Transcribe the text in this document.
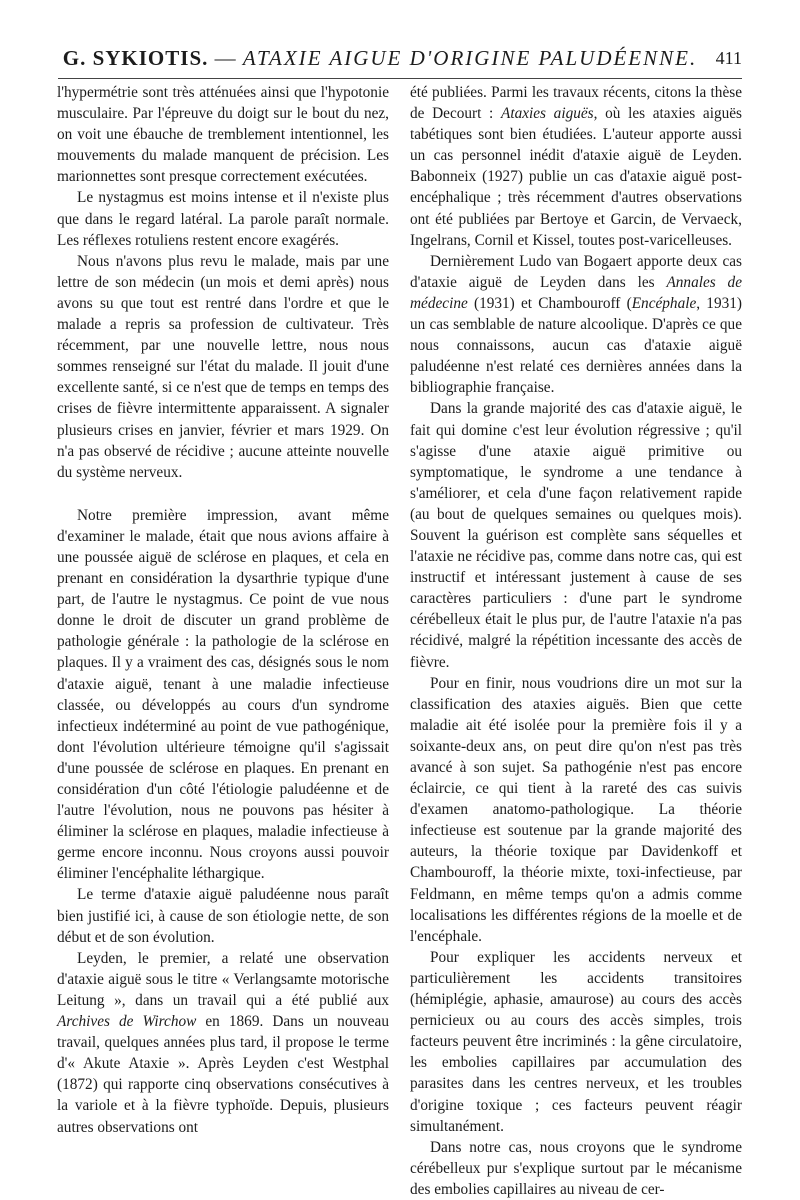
G. SYKIOTIS. — ATAXIE AIGUE D'ORIGINE PALUDÉENNE. 411

l'hypermétrie sont très atténuées ainsi que l'hypotonie musculaire. Par l'épreuve du doigt sur le bout du nez, on voit une ébauche de tremblement intentionnel, les mouvements du malade manquent de précision. Les marionnettes sont presque correctement exécutées.

Le nystagmus est moins intense et il n'existe plus que dans le regard latéral. La parole paraît normale. Les réflexes rotuliens restent encore exagérés.

Nous n'avons plus revu le malade, mais par une lettre de son médecin (un mois et demi après) nous avons su que tout est rentré dans l'ordre et que le malade a repris sa profession de cultivateur. Très récemment, par une nouvelle lettre, nous nous sommes renseigné sur l'état du malade. Il jouit d'une excellente santé, si ce n'est que de temps en temps des crises de fièvre intermittente apparaissent. A signaler plusieurs crises en janvier, février et mars 1929. On n'a pas observé de récidive ; aucune atteinte nouvelle du système nerveux.

Notre première impression, avant même d'examiner le malade, était que nous avions affaire à une poussée aiguë de sclérose en plaques, et cela en prenant en considération la dysarthrie typique d'une part, de l'autre le nystagmus. Ce point de vue nous donne le droit de discuter un grand problème de pathologie générale : la pathologie de la sclérose en plaques. Il y a vraiment des cas, désignés sous le nom d'ataxie aiguë, tenant à une maladie infectieuse classée, ou développés au cours d'un syndrome infectieux indéterminé au point de vue pathogénique, dont l'évolution ultérieure témoigne qu'il s'agissait d'une poussée de sclérose en plaques. En prenant en considération d'un côté l'étiologie paludéenne et de l'autre l'évolution, nous ne pouvons pas hésiter à éliminer la sclérose en plaques, maladie infectieuse à germe encore inconnu. Nous croyons aussi pouvoir éliminer l'encéphalite léthargique.

Le terme d'ataxie aiguë paludéenne nous paraît bien justifié ici, à cause de son étiologie nette, de son début et de son évolution.

Leyden, le premier, a relaté une observation d'ataxie aiguë sous le titre « Verlangsamte motorische Leitung », dans un travail qui a été publié aux Archives de Wirchow en 1869. Dans un nouveau travail, quelques années plus tard, il propose le terme d'« Akute Ataxie ». Après Leyden c'est Westphal (1872) qui rapporte cinq observations consécutives à la variole et à la fièvre typhoïde. Depuis, plusieurs autres observations ont

été publiées. Parmi les travaux récents, citons la thèse de Decourt : Ataxies aiguës, où les ataxies aiguës tabétiques sont bien étudiées. L'auteur apporte aussi un cas personnel inédit d'ataxie aiguë de Leyden. Babonneix (1927) publie un cas d'ataxie aiguë post-encéphalique ; très récemment d'autres observations ont été publiées par Bertoye et Garcin, de Vervaeck, Ingelrans, Cornil et Kissel, toutes post-varicelleuses.

Dernièrement Ludo van Bogaert apporte deux cas d'ataxie aiguë de Leyden dans les Annales de médecine (1931) et Chambouroff (Encéphale, 1931) un cas semblable de nature alcoolique. D'après ce que nous connaissons, aucun cas d'ataxie aiguë paludéenne n'est relaté ces dernières années dans la bibliographie française.

Dans la grande majorité des cas d'ataxie aiguë, le fait qui domine c'est leur évolution régressive ; qu'il s'agisse d'une ataxie aiguë primitive ou symptomatique, le syndrome a une tendance à s'améliorer, et cela d'une façon relativement rapide (au bout de quelques semaines ou quelques mois). Souvent la guérison est complète sans séquelles et l'ataxie ne récidive pas, comme dans notre cas, qui est instructif et intéressant justement à cause de ses caractères particuliers : d'une part le syndrome cérébelleux était le plus pur, de l'autre l'ataxie n'a pas récidivé, malgré la répétition incessante des accès de fièvre.

Pour en finir, nous voudrions dire un mot sur la classification des ataxies aiguës. Bien que cette maladie ait été isolée pour la première fois il y a soixante-deux ans, on peut dire qu'on n'est pas très avancé à son sujet. Sa pathogénie n'est pas encore éclaircie, ce qui tient à la rareté des cas suivis d'examen anatomo-pathologique. La théorie infectieuse est soutenue par la grande majorité des auteurs, la théorie toxique par Davidenkoff et Chambouroff, la théorie mixte, toxi-infectieuse, par Feldmann, en même temps qu'on a admis comme localisations les différentes régions de la moelle et de l'encéphale.

Pour expliquer les accidents nerveux et particulièrement les accidents transitoires (hémiplégie, aphasie, amaurose) au cours des accès pernicieux ou au cours des accès simples, trois facteurs peuvent être incriminés : la gêne circulatoire, les embolies capillaires par accumulation des parasites dans les centres nerveux, et les troubles d'origine toxique ; ces facteurs peuvent réagir simultanément.

Dans notre cas, nous croyons que le syndrome cérébelleux pur s'explique surtout par le mécanisme des embolies capillaires au niveau de cer-
